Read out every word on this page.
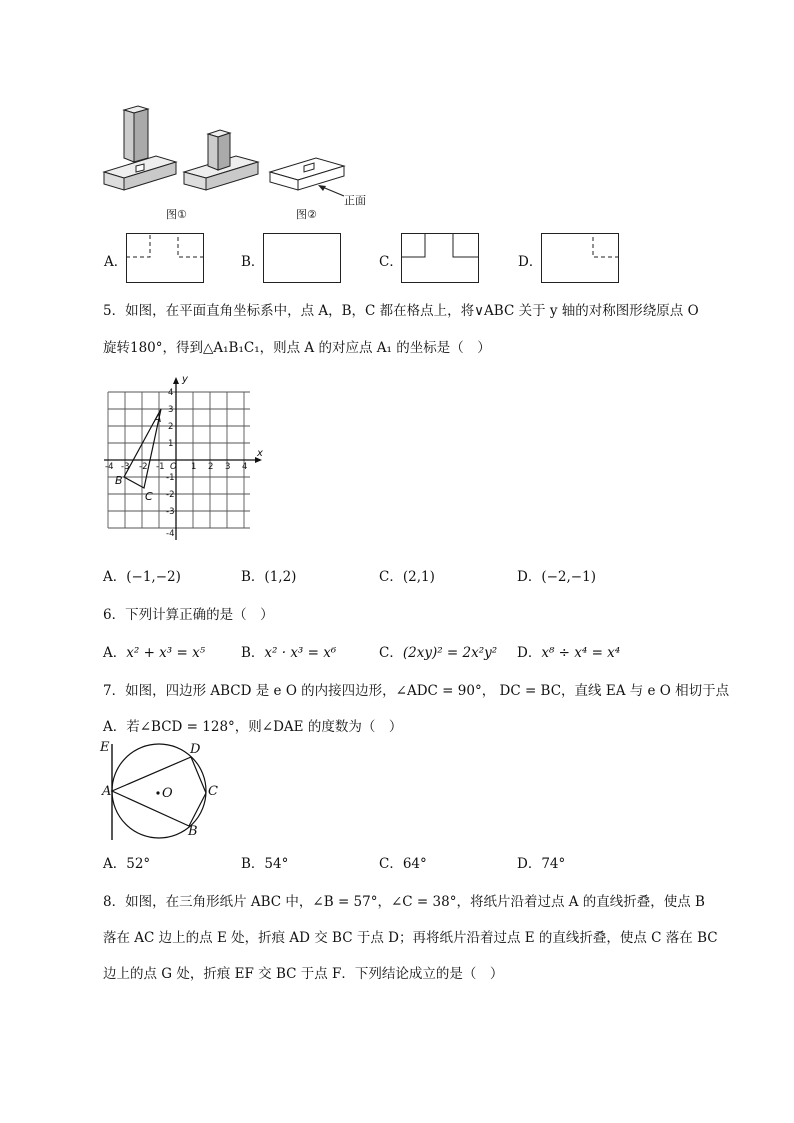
图①	图②
正面
A．	B．	C．	D．
5．如图，在平面直角坐标系中，点 A，B，C 都在格点上，将∨ABC 关于 y 轴的对称图形绕原点 O
旋转180°，得到△A₁B₁C₁，则点 A 的对应点 A₁ 的坐标是（　）
-4 -3 -2 -1 O 1 2 3 4
x
y
4
3
2
1
-1
-2
-3
-4
A
B
C
A．(−1,−2)	B．(1,2)	C．(2,1)	D．(−2,−1)
6．下列计算正确的是（　）
A．x² + x³ = x⁵	B．x² · x³ = x⁶	C．(2xy)² = 2x²y² D．x⁸ ÷ x⁴ = x⁴
7．如图，四边形 ABCD 是 e O 的内接四边形，∠ADC = 90°， DC = BC，直线 EA 与 e O 相切于点
A．若∠BCD = 128°，则∠DAE 的度数为（　）
E	D
A	O	C
B
A．52°	B．54°	C．64°	D．74°
8．如图，在三角形纸片 ABC 中，∠B = 57°，∠C = 38°，将纸片沿着过点 A 的直线折叠，使点 B
落在 AC 边上的点 E 处，折痕 AD 交 BC 于点 D；再将纸片沿着过点 E 的直线折叠，使点 C 落在 BC
边上的点 G 处，折痕 EF 交 BC 于点 F．下列结论成立的是（　）
